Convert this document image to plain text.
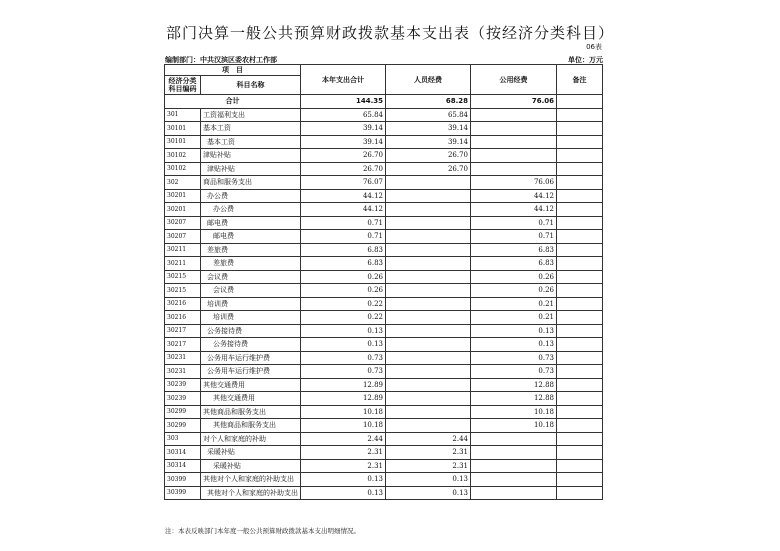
部门决算一般公共预算财政拨款基本支出表（按经济分类科目）
06表
编制部门：中共汉滨区委农村工作部	单位：万元
项　目		本年支出合计	人员经费	公用经费	备注
经济分类科目编码	科目名称				
合计		144.35	68.28	76.06	
301	工资福利支出	65.84	65.84		
30101	基本工资	39.14	39.14		
30101	基本工资	39.14	39.14		
30102	津贴补贴	26.70	26.70		
30102	津贴补贴	26.70	26.70		
302	商品和服务支出	76.07		76.06	
30201	办公费	44.12		44.12	
30201	办公费	44.12		44.12	
30207	邮电费	0.71		0.71	
30207	邮电费	0.71		0.71	
30211	差旅费	6.83		6.83	
30211	差旅费	6.83		6.83	
30215	会议费	0.26		0.26	
30215	会议费	0.26		0.26	
30216	培训费	0.22		0.21	
30216	培训费	0.22		0.21	
30217	公务接待费	0.13		0.13	
30217	公务接待费	0.13		0.13	
30231	公务用车运行维护费	0.73		0.73	
30231	公务用车运行维护费	0.73		0.73	
30239	其他交通费用	12.89		12.88	
30239	其他交通费用	12.89		12.88	
30299	其他商品和服务支出	10.18		10.18	
30299	其他商品和服务支出	10.18		10.18	
303	对个人和家庭的补助	2.44	2.44		
30314	采暖补贴	2.31	2.31		
30314	采暖补贴	2.31	2.31		
30399	其他对个人和家庭的补助支出	0.13	0.13		
30399	其他对个人和家庭的补助支出	0.13	0.13		
注：本表反映部门本年度一般公共预算财政拨款基本支出明细情况。
